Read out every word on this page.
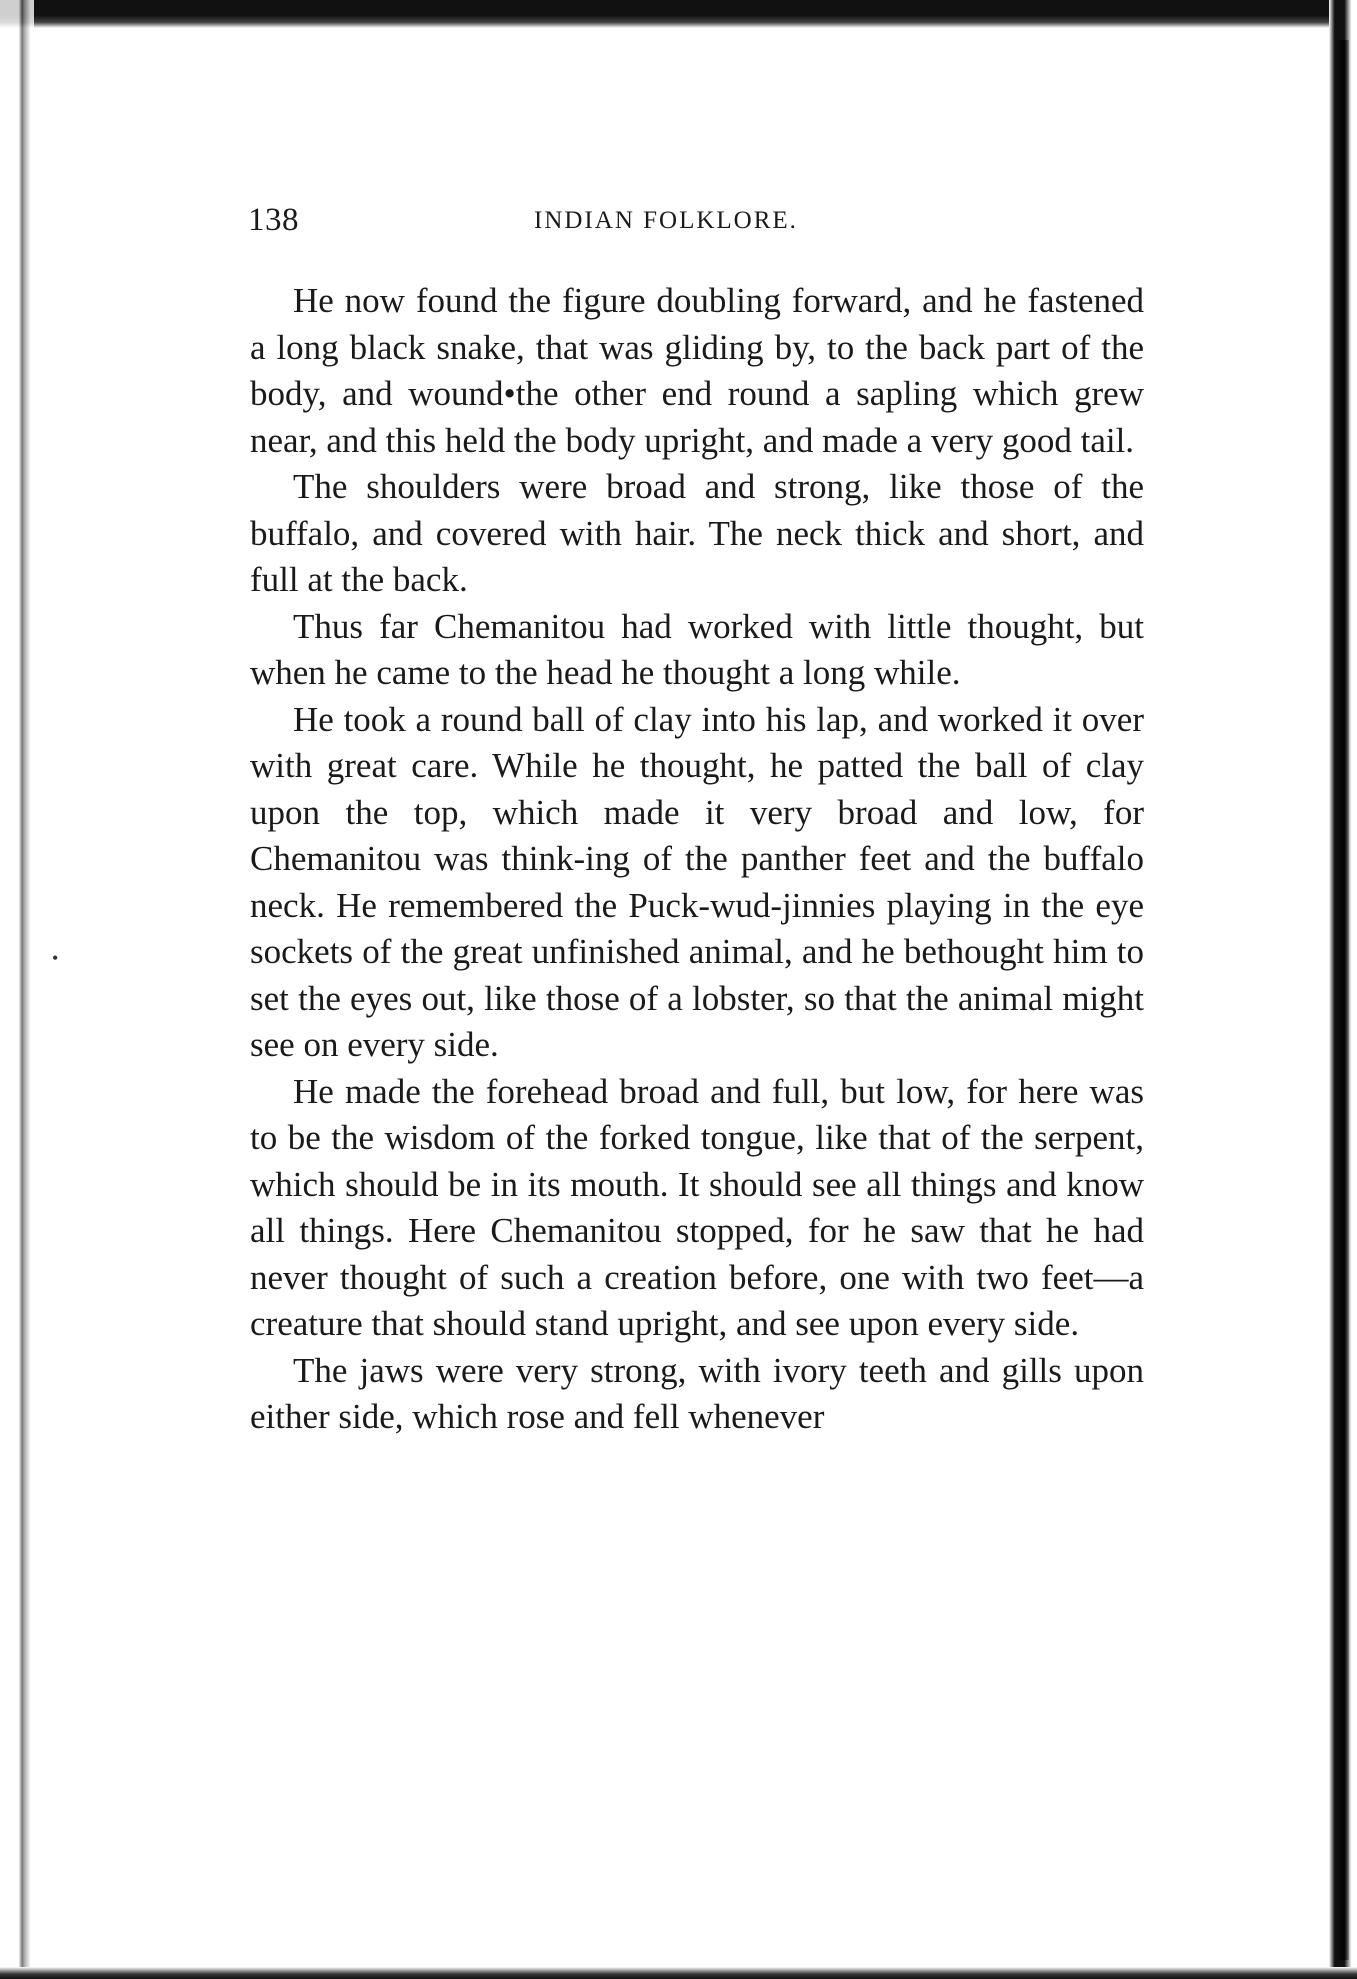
138	INDIAN FOLKLORE.

He now found the figure doubling forward, and he fastened a long black snake, that was gliding by, to the back part of the body, and wound•the other end round a sapling which grew near, and this held the body upright, and made a very good tail.

The shoulders were broad and strong, like those of the buffalo, and covered with hair. The neck thick and short, and full at the back.

Thus far Chemanitou had worked with little thought, but when he came to the head he thought a long while.

He took a round ball of clay into his lap, and worked it over with great care. While he thought, he patted the ball of clay upon the top, which made it very broad and low, for Chemanitou was think-ing of the panther feet and the buffalo neck. He remembered the Puck-wud-jinnies playing in the eye sockets of the great unfinished animal, and he bethought him to set the eyes out, like those of a lobster, so that the animal might see on every side.

He made the forehead broad and full, but low, for here was to be the wisdom of the forked tongue, like that of the serpent, which should be in its mouth. It should see all things and know all things. Here Chemanitou stopped, for he saw that he had never thought of such a creation before, one with two feet—a creature that should stand upright, and see upon every side.

The jaws were very strong, with ivory teeth and gills upon either side, which rose and fell whenever

•
